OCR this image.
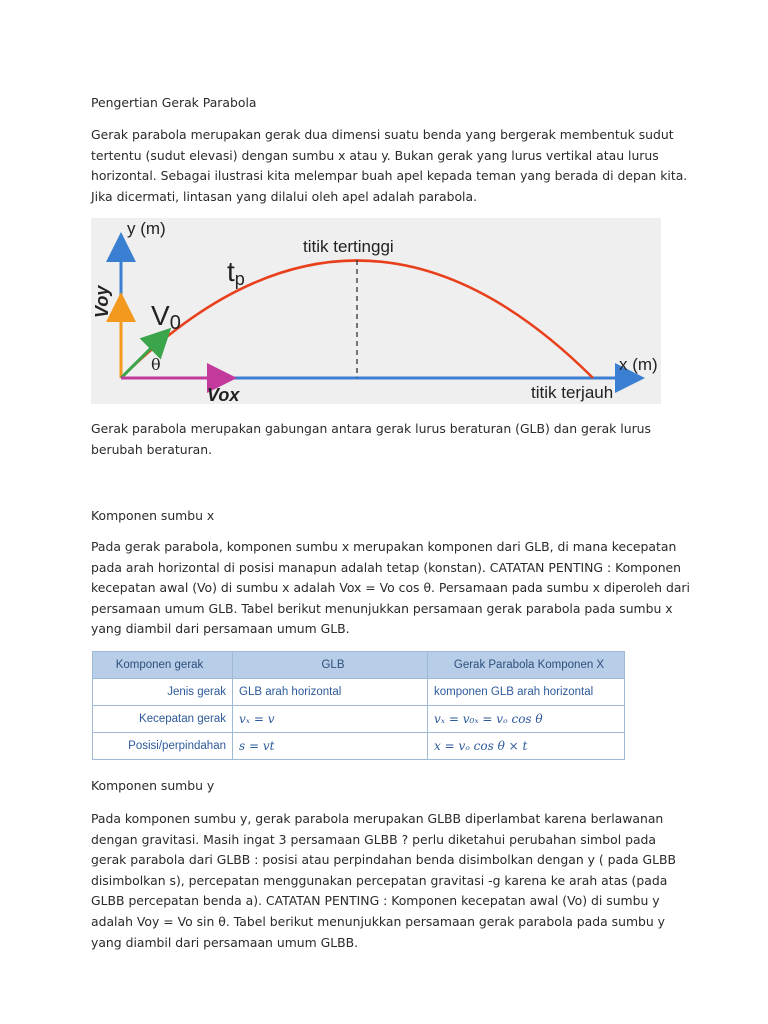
Pengertian Gerak Parabola
Gerak parabola merupakan gerak dua dimensi suatu benda yang bergerak membentuk sudut tertentu (sudut elevasi) dengan sumbu x atau y. Bukan gerak yang lurus vertikal atau lurus horizontal. Sebagai ilustrasi kita melempar buah apel kepada teman yang berada di depan kita. Jika dicermati, lintasan yang dilalui oleh apel adalah parabola.
y (m)
x (m)
titik tertinggi
titik terjauh
tp
V0
θ
Voy
Vox
Gerak parabola merupakan gabungan antara gerak lurus beraturan (GLB) dan gerak lurus berubah beraturan.
Komponen sumbu x
Pada gerak parabola, komponen sumbu x merupakan komponen dari GLB, di mana kecepatan pada arah horizontal di posisi manapun adalah tetap (konstan). CATATAN PENTING : Komponen kecepatan awal (Vo) di sumbu x adalah Vox = Vo cos θ. Persamaan pada sumbu x diperoleh dari persamaan umum GLB. Tabel berikut menunjukkan persamaan gerak parabola pada sumbu x yang diambil dari persamaan umum GLB.
Komponen gerak	GLB	Gerak Parabola Komponen X
Jenis gerak	GLB arah horizontal	komponen GLB arah horizontal
Kecepatan gerak	vₓ = v	vₓ = v₀ₓ = vₒ cos θ
Posisi/perpindahan	s = vt	x = vₒ cos θ × t
Komponen sumbu y
Pada komponen sumbu y, gerak parabola merupakan GLBB diperlambat karena berlawanan dengan gravitasi. Masih ingat 3 persamaan GLBB ? perlu diketahui perubahan simbol pada gerak parabola dari GLBB : posisi atau perpindahan benda disimbolkan dengan y ( pada GLBB disimbolkan s), percepatan menggunakan percepatan gravitasi -g karena ke arah atas (pada GLBB percepatan benda a). CATATAN PENTING : Komponen kecepatan awal (Vo) di sumbu y adalah Voy = Vo sin θ. Tabel berikut menunjukkan persamaan gerak parabola pada sumbu y yang diambil dari persamaan umum GLBB.
